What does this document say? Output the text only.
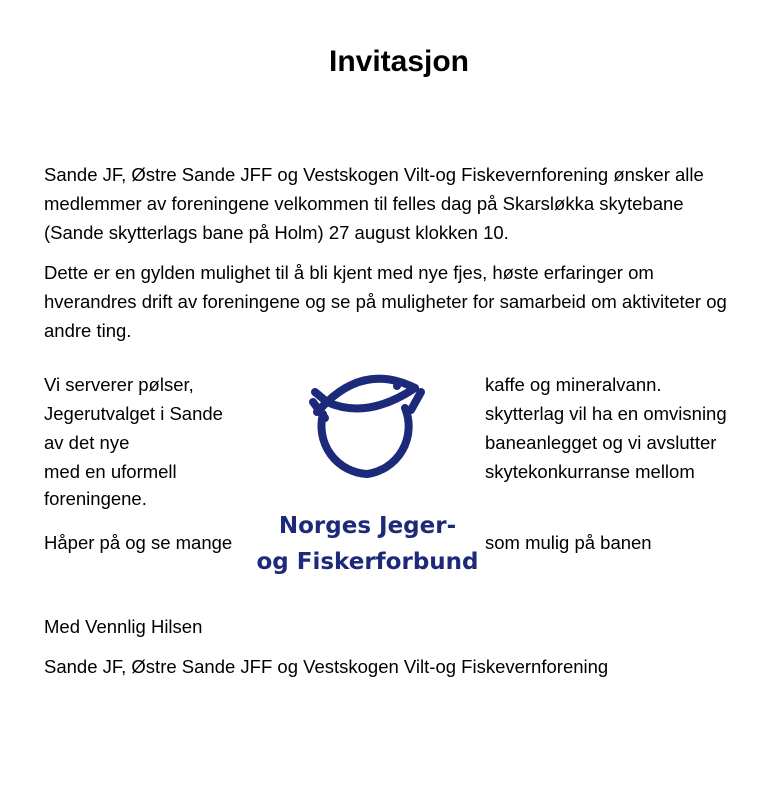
Invitasjon

Sande JF, Østre Sande JFF og Vestskogen Vilt-og Fiskevernforening ønsker alle medlemmer av foreningene velkommen til felles dag på Skarsløkka skytebane (Sande skytterlags bane på Holm) 27 august klokken 10.

Dette er en gylden mulighet til å bli kjent med nye fjes, høste erfaringer om hverandres drift av foreningene og se på muligheter for samarbeid om aktiviteter og andre ting.

Vi serverer pølser,
Jegerutvalget i Sande
av det nye
med en uformell
foreningene.
Håper på og se mange
kaffe og mineralvann.
skytterlag vil ha en omvisning
baneanlegget og vi avslutter
skytekonkurranse mellom
som mulig på banen
Norges Jeger-
og Fiskerforbund
Med Vennlig Hilsen
Sande JF, Østre Sande JFF og Vestskogen Vilt-og Fiskevernforening
